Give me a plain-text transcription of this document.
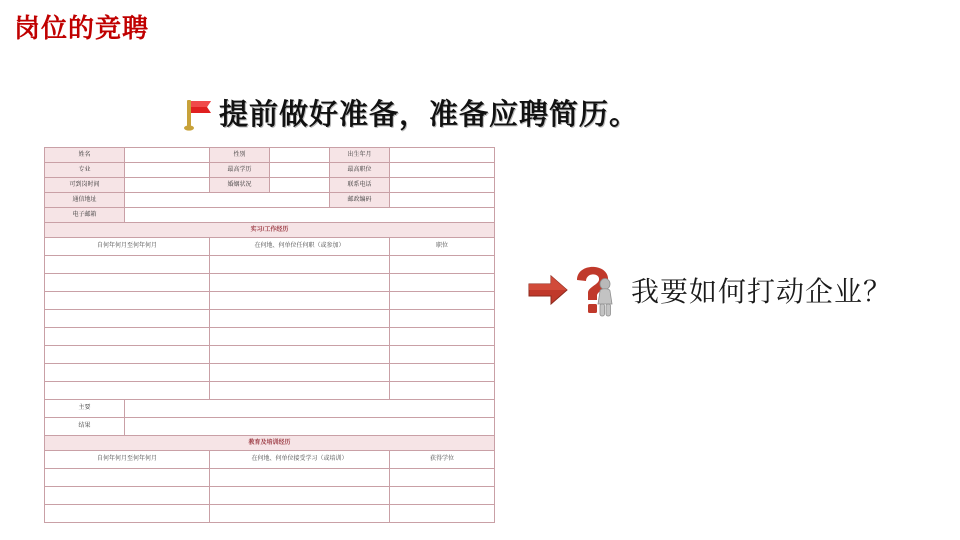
岗位的竞聘
提前做好准备，准备应聘简历。
姓名		性别		出生年月	
专业		最高学历		最高职位	
可到岗时间		婚姻状况		联系电话	
通信地址				邮政编码	
电子邮箱					
实习/工作经历					
自何年何月至何年何月		在何地、何单位任何职（或参加）			职位

主要					
结果					
教育及培训经历					
自何年何月至何年何月		在何地、何单位接受学习（或培训）			获得学位

我要如何打动企业？
